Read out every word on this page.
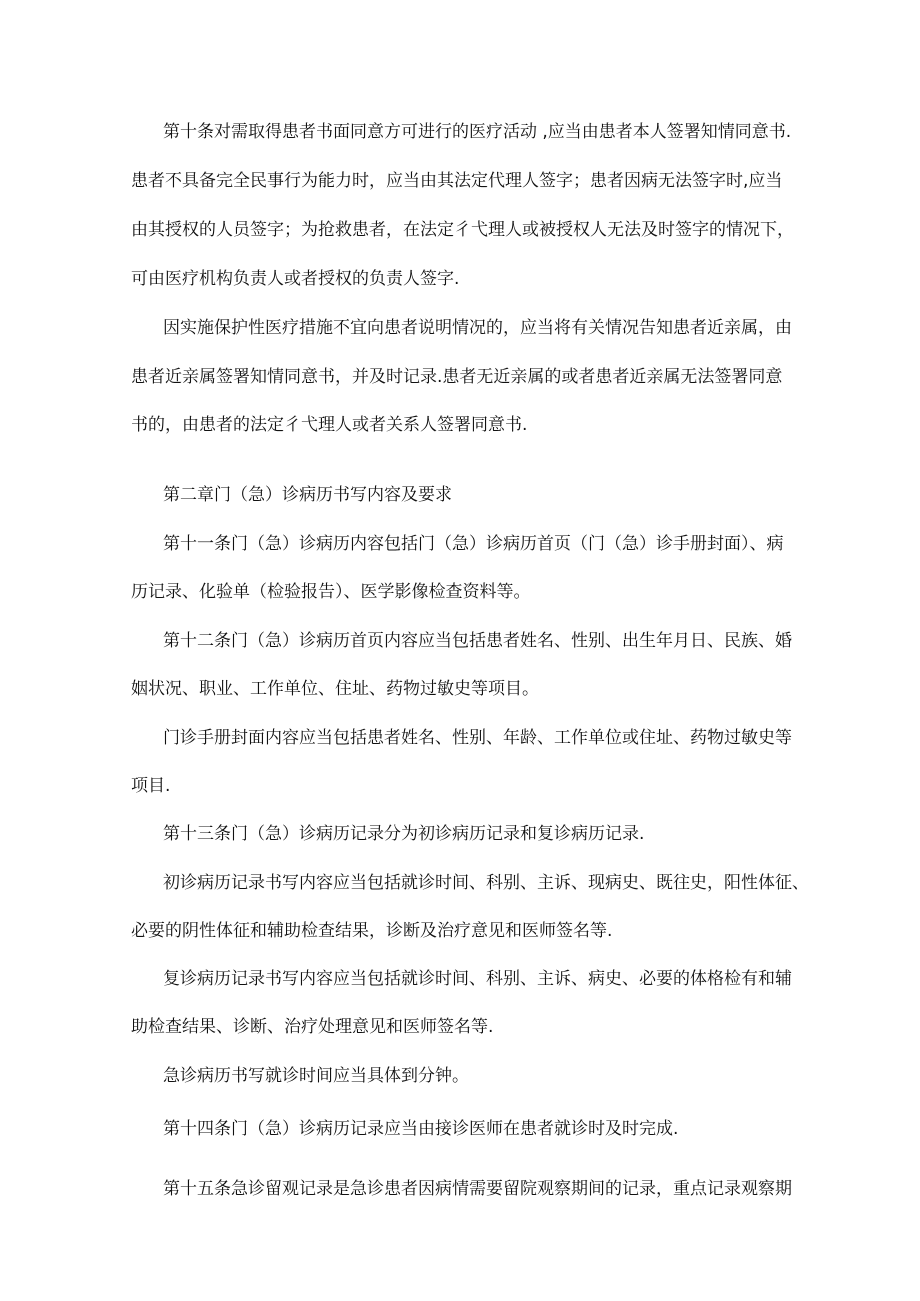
第十条对需取得患者书面同意方可进行的医疗活动 ,应当由患者本人签署知情同意书.
患者不具备完全民事行为能力时，应当由其法定代理人签字；患者因病无法签字时,应当
由其授权的人员签字；为抢救患者，在法定彳弋理人或被授权人无法及时签字的情况下，
可由医疗机构负责人或者授权的负责人签字.
因实施保护性医疗措施不宜向患者说明情况的，应当将有关情况告知患者近亲属，由
患者近亲属签署知情同意书，并及时记录.患者无近亲属的或者患者近亲属无法签署同意
书的，由患者的法定彳弋理人或者关系人签署同意书.
第二章门（急）诊病历书写内容及要求
第十一条门（急）诊病历内容包括门（急）诊病历首页（门（急）诊手册封面）、病
历记录、化验单（检验报告）、医学影像检查资料等。
第十二条门（急）诊病历首页内容应当包括患者姓名、性别、出生年月日、民族、婚
姻状况、职业、工作单位、住址、药物过敏史等项目。
门诊手册封面内容应当包括患者姓名、性别、年龄、工作单位或住址、药物过敏史等
项目.
第十三条门（急）诊病历记录分为初诊病历记录和复诊病历记录.
初诊病历记录书写内容应当包括就诊时间、科别、主诉、现病史、既往史，阳性体征、
必要的阴性体征和辅助检查结果，诊断及治疗意见和医师签名等.
复诊病历记录书写内容应当包括就诊时间、科别、主诉、病史、必要的体格检有和辅
助检查结果、诊断、治疗处理意见和医师签名等.
急诊病历书写就诊时间应当具体到分钟。
第十四条门（急）诊病历记录应当由接诊医师在患者就诊时及时完成.
第十五条急诊留观记录是急诊患者因病情需要留院观察期间的记录，重点记录观察期
